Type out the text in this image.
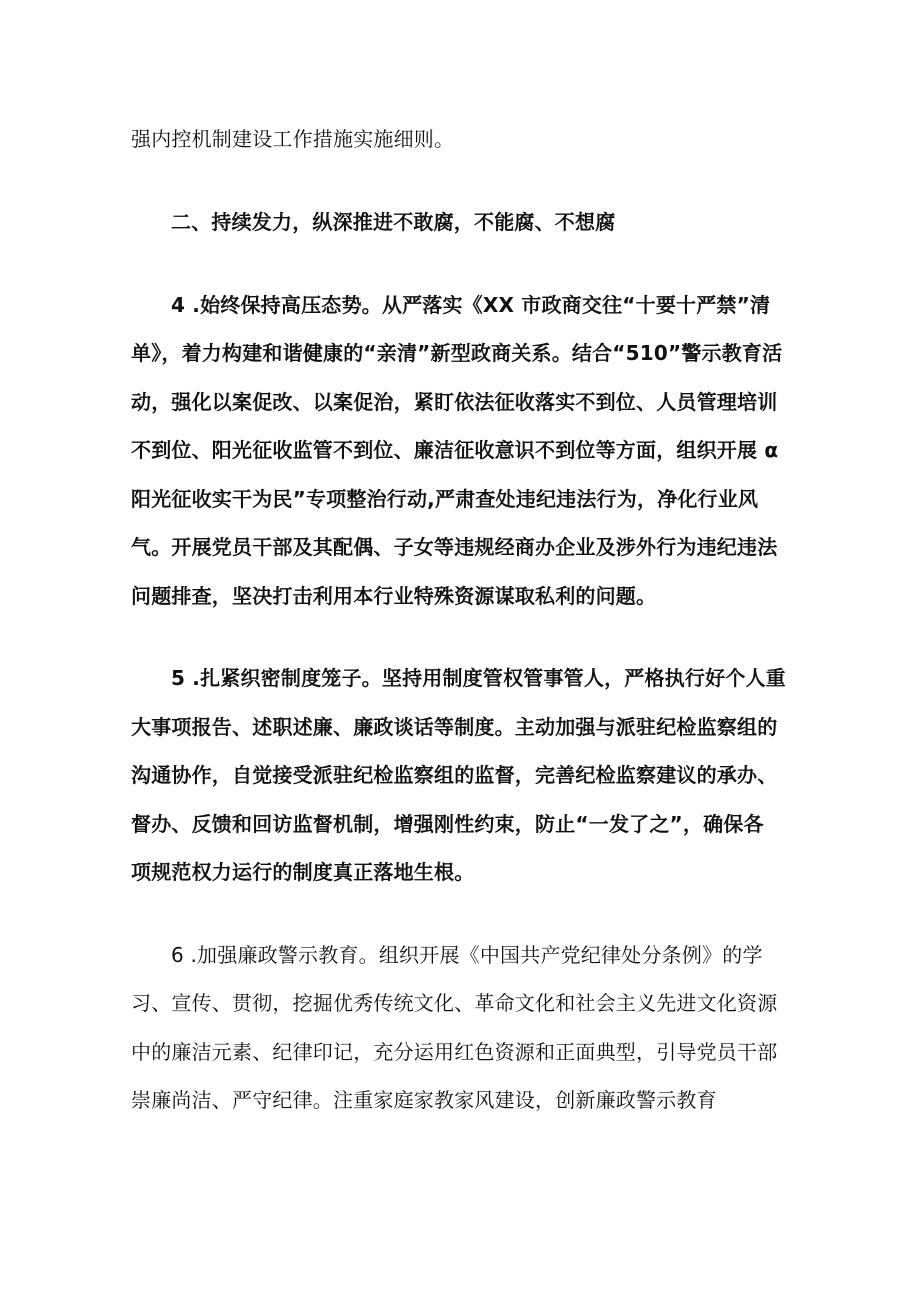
强内控机制建设工作措施实施细则。
二、持续发力，纵深推进不敢腐，不能腐、不想腐
4 .始终保持高压态势。从严落实《XX 市政商交往“十要十严禁”清
单》，着力构建和谐健康的“亲清”新型政商关系。结合“510”警示教育活
动，强化以案促改、以案促治，紧盯依法征收落实不到位、人员管理培训
不到位、阳光征收监管不到位、廉洁征收意识不到位等方面，组织开展 α
阳光征收实干为民”专项整治行动,严肃查处违纪违法行为，净化行业风
气。开展党员干部及其配偶、子女等违规经商办企业及涉外行为违纪违法
问题排查，坚决打击利用本行业特殊资源谋取私利的问题。
5 .扎紧织密制度笼子。坚持用制度管权管事管人，严格执行好个人重
大事项报告、述职述廉、廉政谈话等制度。主动加强与派驻纪检监察组的
沟通协作，自觉接受派驻纪检监察组的监督，完善纪检监察建议的承办、
督办、反馈和回访监督机制，增强刚性约束，防止“一发了之”，确保各
项规范权力运行的制度真正落地生根。
6 .加强廉政警示教育。组织开展《中国共产党纪律处分条例》的学
习、宣传、贯彻，挖掘优秀传统文化、革命文化和社会主义先进文化资源
中的廉洁元素、纪律印记，充分运用红色资源和正面典型，引导党员干部
崇廉尚洁、严守纪律。注重家庭家教家风建设，创新廉政警示教育
